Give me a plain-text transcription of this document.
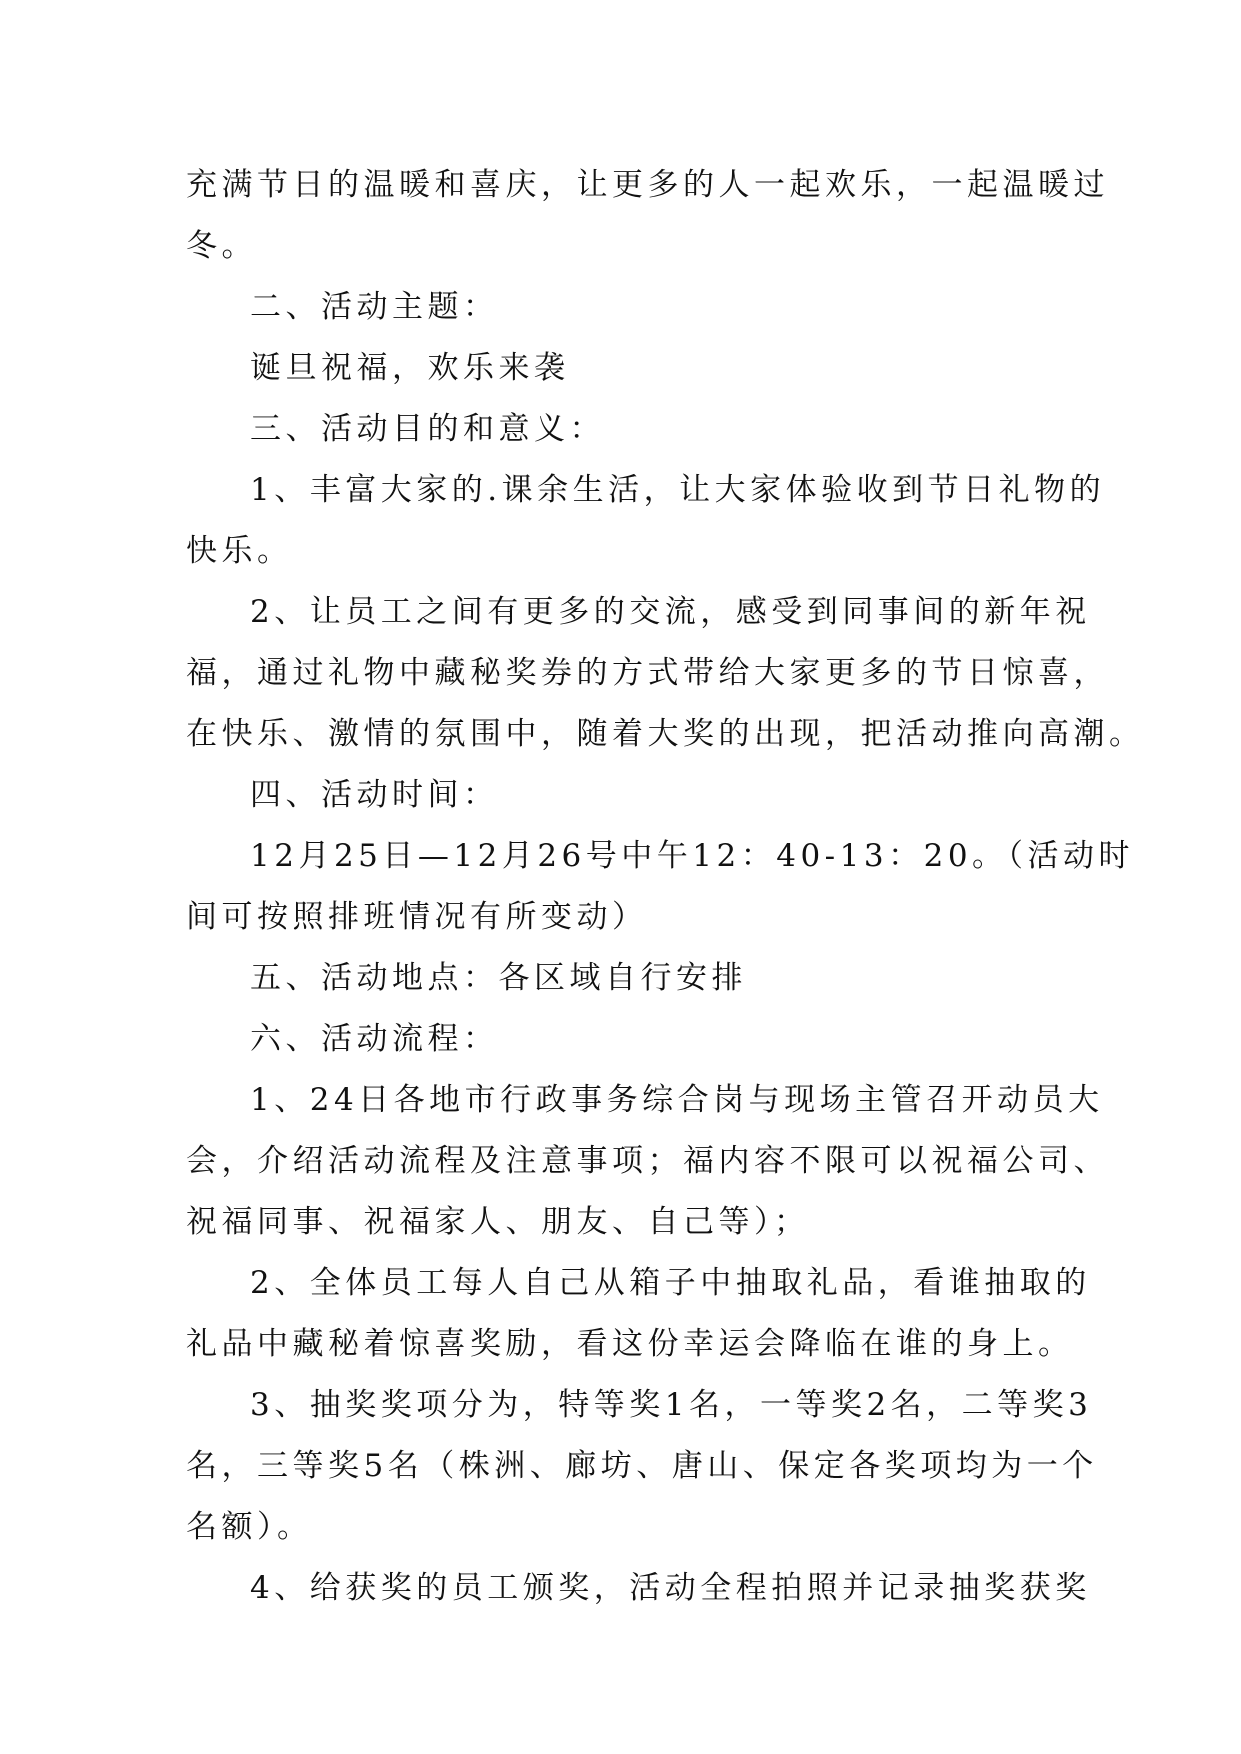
充满节日的温暖和喜庆，让更多的人一起欢乐，一起温暖过
冬。

二、活动主题：

诞旦祝福，欢乐来袭

三、活动目的和意义：

1、丰富大家的.课余生活，让大家体验收到节日礼物的
快乐。

2、让员工之间有更多的交流，感受到同事间的新年祝
福，通过礼物中藏秘奖券的方式带给大家更多的节日惊喜，
在快乐、激情的氛围中，随着大奖的出现，把活动推向高潮。

四、活动时间：

12月25日—12月26号中午12：40-13：20。（活动时
间可按照排班情况有所变动）

五、活动地点：各区域自行安排

六、活动流程：

1、24日各地市行政事务综合岗与现场主管召开动员大
会，介绍活动流程及注意事项；福内容不限可以祝福公司、
祝福同事、祝福家人、朋友、自己等）；

2、全体员工每人自己从箱子中抽取礼品，看谁抽取的
礼品中藏秘着惊喜奖励，看这份幸运会降临在谁的身上。

3、抽奖奖项分为，特等奖1名，一等奖2名，二等奖3
名，三等奖5名（株洲、廊坊、唐山、保定各奖项均为一个
名额）。

4、给获奖的员工颁奖，活动全程拍照并记录抽奖获奖
